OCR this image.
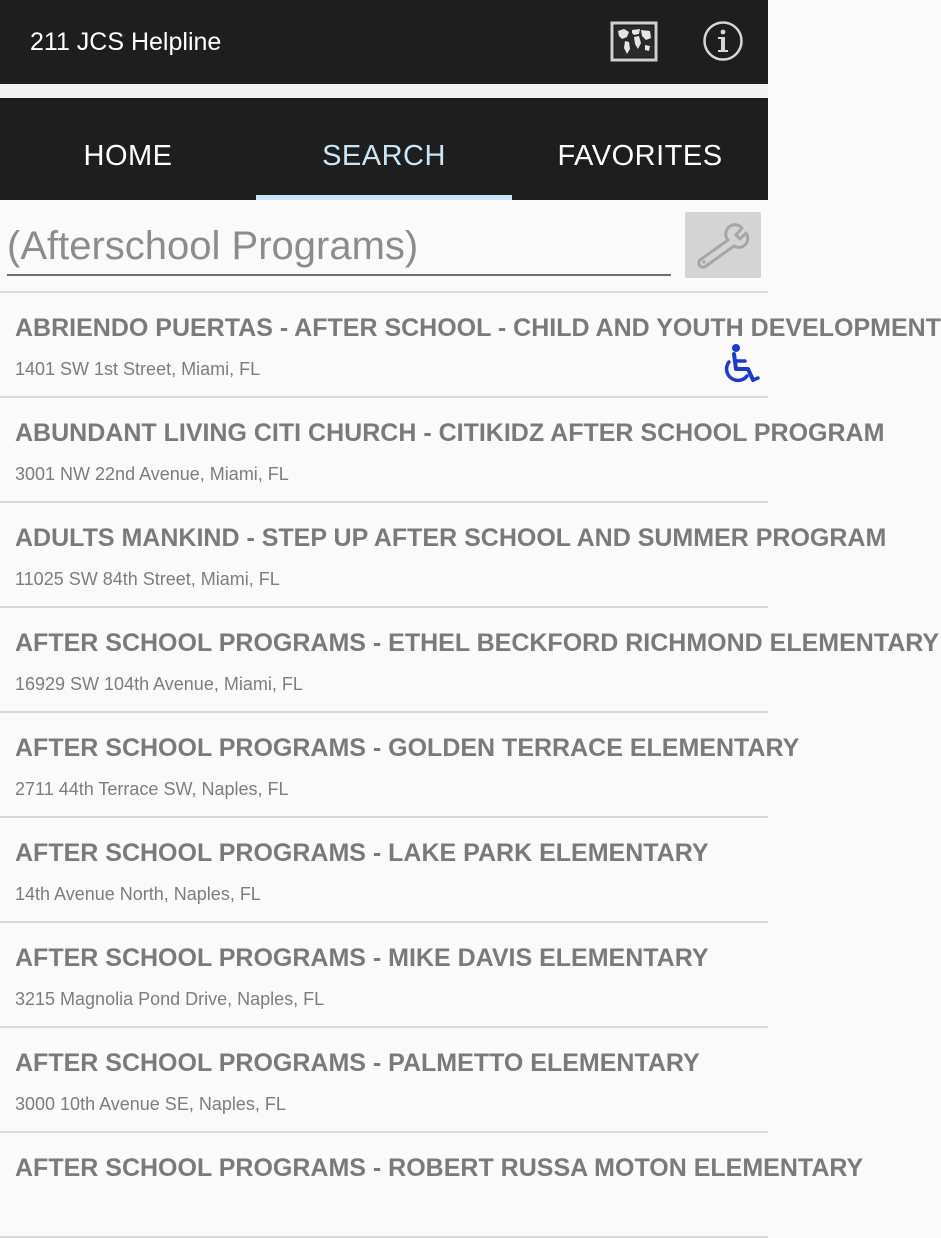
211 JCS Helpline
HOME	SEARCH	FAVORITES
(Afterschool Programs)
ABRIENDO PUERTAS - AFTER SCHOOL - CHILD AND YOUTH DEVELOPMENT
1401 SW 1st Street, Miami, FL
ABUNDANT LIVING CITI CHURCH - CITIKIDZ AFTER SCHOOL PROGRAM
3001 NW 22nd Avenue, Miami, FL
ADULTS MANKIND - STEP UP AFTER SCHOOL AND SUMMER PROGRAM
11025 SW 84th Street, Miami, FL
AFTER SCHOOL PROGRAMS - ETHEL BECKFORD RICHMOND ELEMENTARY
16929 SW 104th Avenue, Miami, FL
AFTER SCHOOL PROGRAMS - GOLDEN TERRACE ELEMENTARY
2711 44th Terrace SW, Naples, FL
AFTER SCHOOL PROGRAMS - LAKE PARK ELEMENTARY
14th Avenue North, Naples, FL
AFTER SCHOOL PROGRAMS - MIKE DAVIS ELEMENTARY
3215 Magnolia Pond Drive, Naples, FL
AFTER SCHOOL PROGRAMS - PALMETTO ELEMENTARY
3000 10th Avenue SE, Naples, FL
AFTER SCHOOL PROGRAMS - ROBERT RUSSA MOTON ELEMENTARY
